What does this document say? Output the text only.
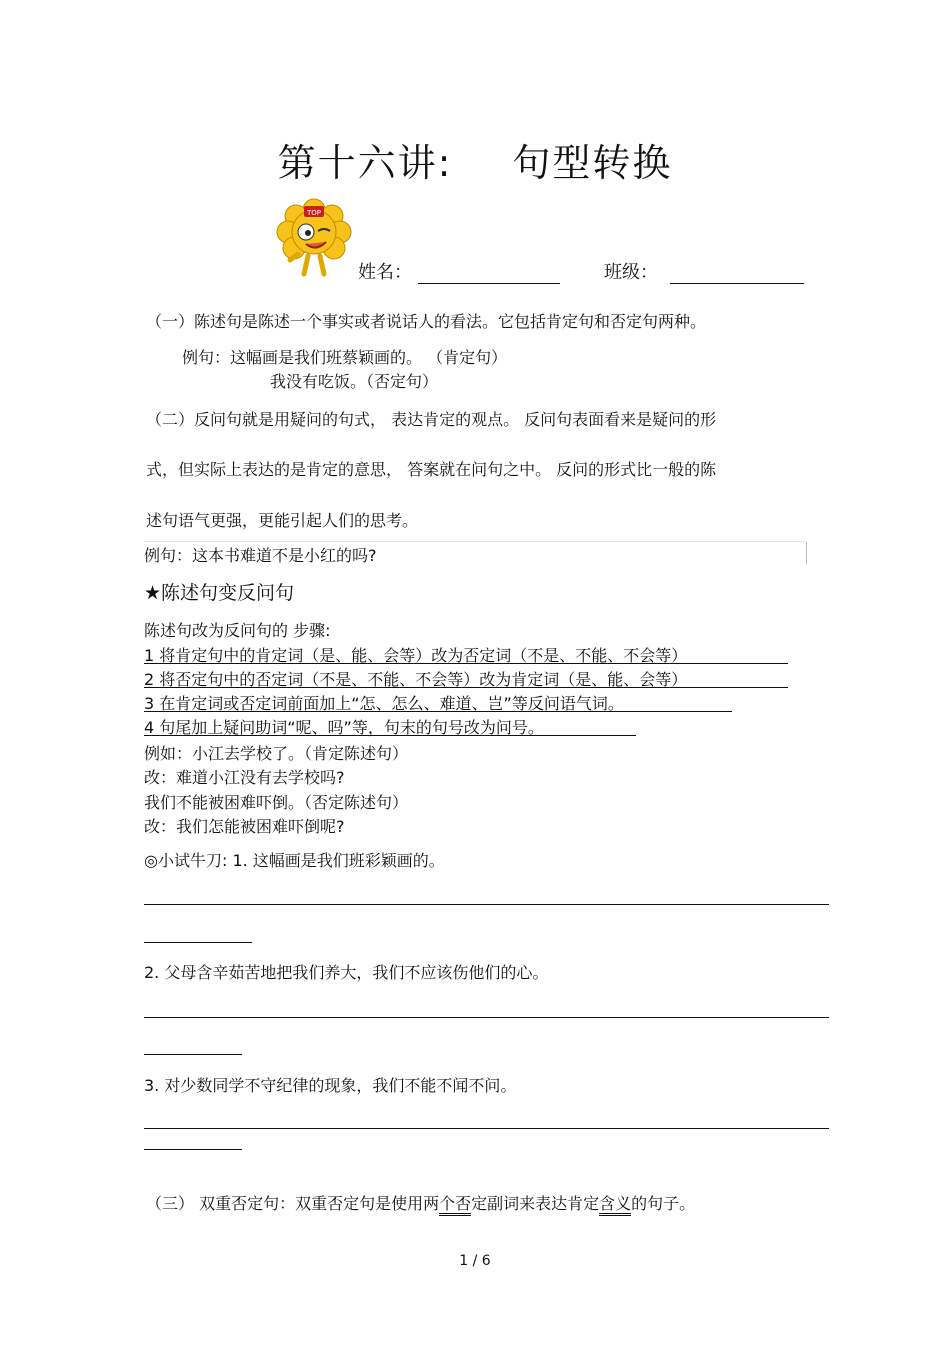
第十六讲: 句型转换
TOP
姓名：	班级：
（一）陈述句是陈述一个事实或者说话人的看法。它包括肯定句和否定句两种。
例句：这幅画是我们班蔡颖画的。 （肯定句）
我没有吃饭。（否定句）
（二）反问句就是用疑问的句式， 表达肯定的观点。 反问句表面看来是疑问的形
式，但实际上表达的是肯定的意思， 答案就在问句之中。 反问的形式比一般的陈
述句语气更强，更能引起人们的思考。
例句：这本书难道不是小红的吗?
★陈述句变反问句
陈述句改为反问句的 步骤:
1 将肯定句中的肯定词（是、能、会等）改为否定词（不是、不能、不会等）
2 将否定句中的否定词（不是、不能、不会等）改为肯定词（是、能、会等）
3 在肯定词或否定词前面加上“怎、怎么、难道、岂”等反问语气词。
4 句尾加上疑问助词“呢、吗”等，句末的句号改为问号。
例如：小江去学校了。（肯定陈述句）
改：难道小江没有去学校吗?
我们不能被困难吓倒。（否定陈述句）
改：我们怎能被困难吓倒呢?
◎小试牛刀: 1. 这幅画是我们班彩颖画的。
2. 父母含辛茹苦地把我们养大，我们不应该伤他们的心。
3. 对少数同学不守纪律的现象，我们不能不闻不问。
（三） 双重否定句：双重否定句是使用两个否定副词来表达肯定含义的句子。
1 / 6
